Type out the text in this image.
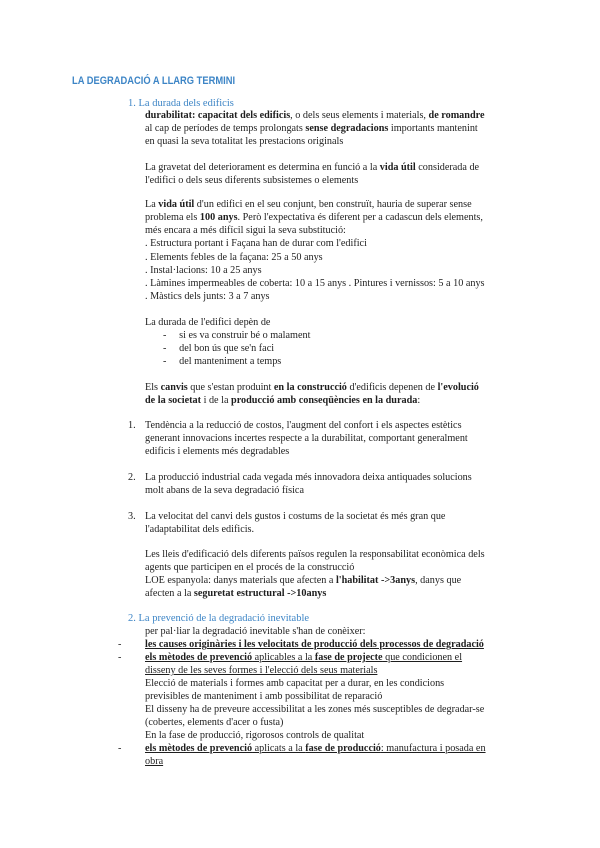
LA DEGRADACIÓ A LLARG TERMINI
1. La durada dels edificis
durabilitat: capacitat dels edificis, o dels seus elements i materials, de romandre
al cap de períodes de temps prolongats sense degradacions importants mantenint
en quasi la seva totalitat les prestacions originals
La gravetat del deteriorament es determina en funció a la vida útil considerada de
l'edifici o dels seus diferents subsistemes o elements
La vida útil d'un edifici en el seu conjunt, ben construït, hauria de superar sense
problema els 100 anys. Però l'expectativa és diferent per a cadascun dels elements,
més encara a més difícil sigui la seva substitució:
. Estructura portant i Façana han de durar com l'edifici
. Elements febles de la façana: 25 a 50 anys
. Instal·lacions: 10 a 25 anys
. Làmines impermeables de coberta: 10 a 15 anys . Pintures i vernissos: 5 a 10 anys
. Màstics dels junts: 3 a 7 anys
La durada de l'edifici depèn de
-     si es va construir bé o malament
-     del bon ús que se'n faci
-     del manteniment a temps
Els canvis que s'estan produint en la construcció d'edificis depenen de l'evolució
de la societat i de la producció amb conseqüències en la durada:
1. Tendència a la reducció de costos, l'augment del confort i els aspectes estètics
generant innovacions incertes respecte a la durabilitat, comportant generalment
edificis i elements més degradables
2. La producció industrial cada vegada més innovadora deixa antiquades solucions
molt abans de la seva degradació física
3. La velocitat del canvi dels gustos i costums de la societat és més gran que
l'adaptabilitat dels edificis.
Les lleis d'edificació dels diferents països regulen la responsabilitat econòmica dels
agents que participen en el procés de la construcció
LOE espanyola: danys materials que afecten a l'habilitat ->3anys, danys que
afecten a la seguretat estructural ->10anys
2. La prevenció de la degradació inevitable
per pal·liar la degradació inevitable s'han de conèixer:
- les causes originàries i les velocitats de producció dels processos de degradació
- els mètodes de prevenció aplicables a la fase de projecte que condicionen el
disseny de les seves formes i l'elecció dels seus materials
Elecció de materials i formes amb capacitat per a durar, en les condicions
previsibles de manteniment i amb possibilitat de reparació
El disseny ha de preveure accessibilitat a les zones més susceptibles de degradar-se
(cobertes, elements d'acer o fusta)
En la fase de producció, rigorosos controls de qualitat
- els mètodes de prevenció aplicats a la fase de producció: manufactura i posada en
obra
